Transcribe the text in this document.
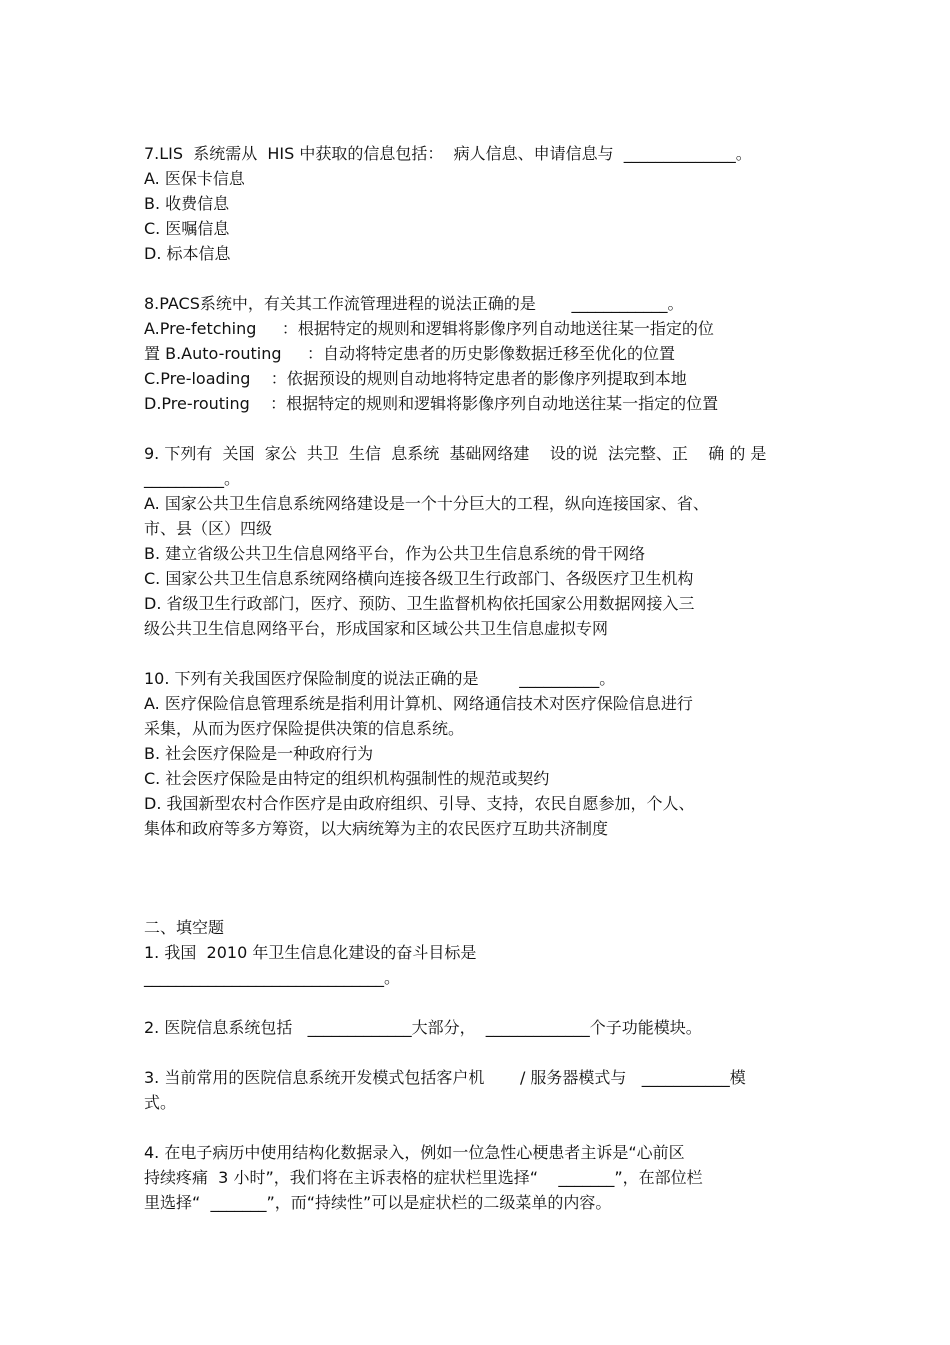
7.LIS  系统需从  HIS 中获取的信息包括：  病人信息、申请信息与  ______________。
A. 医保卡信息
B. 收费信息
C. 医嘱信息
D. 标本信息
8.PACS系统中，有关其工作流管理进程的说法正确的是       ____________。
A.Pre-fetching     ：根据特定的规则和逻辑将影像序列自动地送往某一指定的位
置 B.Auto-routing     ：自动将特定患者的历史影像数据迁移至优化的位置
C.Pre-loading    ：依据预设的规则自动地将特定患者的影像序列提取到本地
D.Pre-routing    ：根据特定的规则和逻辑将影像序列自动地送往某一指定的位置
9. 下列有  关国  家公  共卫  生信  息系统  基础网络建    设的说  法完整、正    确 的 是
__________。
A. 国家公共卫生信息系统网络建设是一个十分巨大的工程，纵向连接国家、省、
市、县（区）四级
B. 建立省级公共卫生信息网络平台，作为公共卫生信息系统的骨干网络
C. 国家公共卫生信息系统网络横向连接各级卫生行政部门、各级医疗卫生机构
D. 省级卫生行政部门，医疗、预防、卫生监督机构依托国家公用数据网接入三
级公共卫生信息网络平台，形成国家和区域公共卫生信息虚拟专网
10. 下列有关我国医疗保险制度的说法正确的是        __________。
A. 医疗保险信息管理系统是指利用计算机、网络通信技术对医疗保险信息进行
采集，从而为医疗保险提供决策的信息系统。
B. 社会医疗保险是一种政府行为
C. 社会医疗保险是由特定的组织机构强制性的规范或契约
D. 我国新型农村合作医疗是由政府组织、引导、支持，农民自愿参加，个人、
集体和政府等多方筹资，以大病统筹为主的农民医疗互助共济制度
二、填空题
1. 我国  2010 年卫生信息化建设的奋斗目标是
______________________________。
2. 医院信息系统包括   _____________大部分，  _____________个子功能模块。
3. 当前常用的医院信息系统开发模式包括客户机       / 服务器模式与   ___________模
式。
4. 在电子病历中使用结构化数据录入，例如一位急性心梗患者主诉是“心前区
持续疼痛  3 小时”，我们将在主诉表格的症状栏里选择“    _______”，在部位栏
里选择“  _______”，而“持续性”可以是症状栏的二级菜单的内容。
